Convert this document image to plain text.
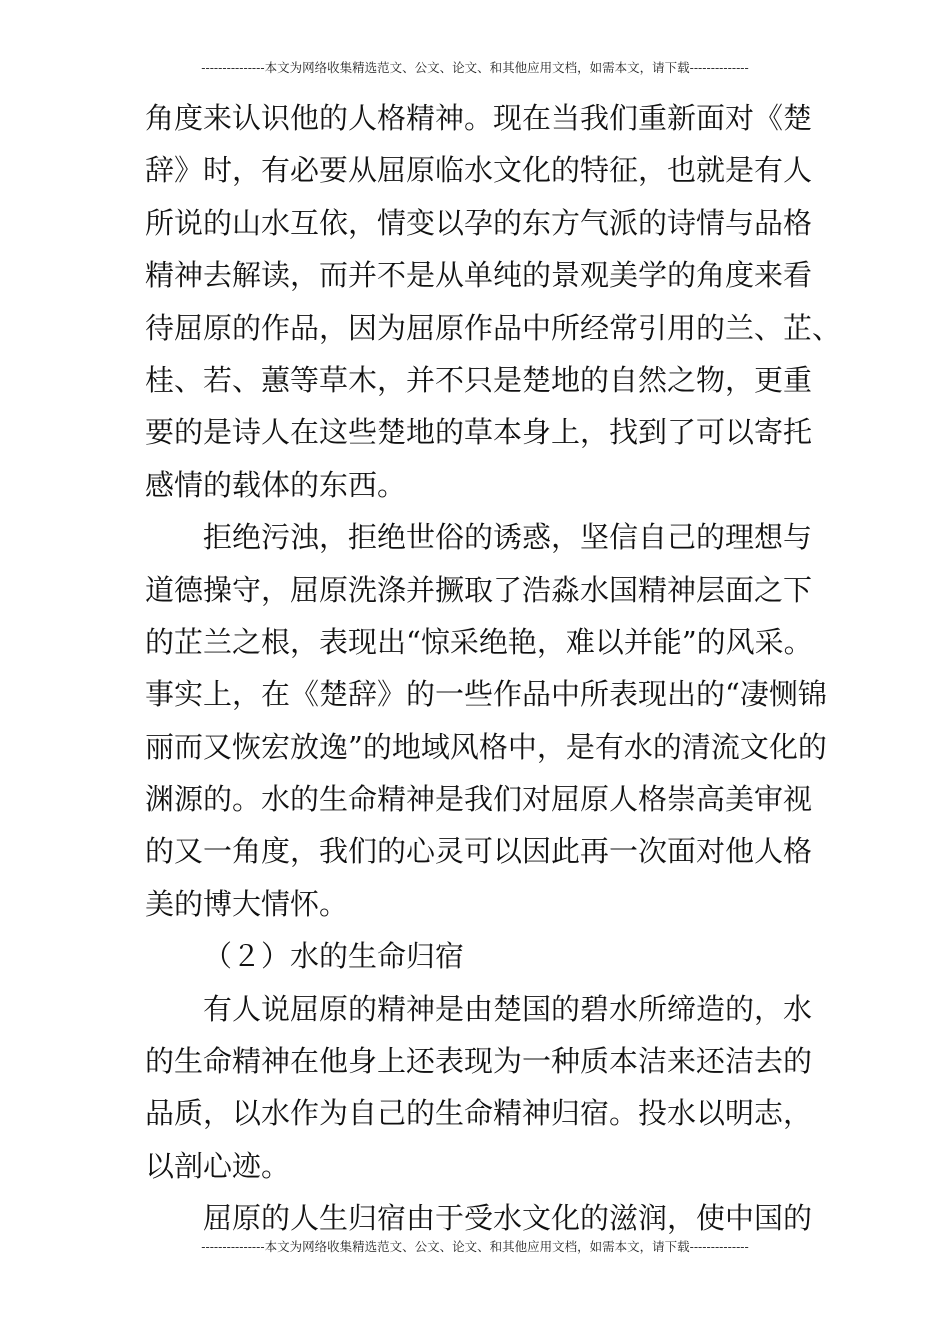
---------------本文为网络收集精选范文、公文、论文、和其他应用文档，如需本文，请下载--------------
角度来认识他的人格精神。现在当我们重新面对《楚
辞》时，有必要从屈原临水文化的特征，也就是有人
所说的山水互依，情变以孕的东方气派的诗情与品格
精神去解读，而并不是从单纯的景观美学的角度来看
待屈原的作品，因为屈原作品中所经常引用的兰、芷、
桂、若、蕙等草木，并不只是楚地的自然之物，更重
要的是诗人在这些楚地的草本身上，找到了可以寄托
感情的载体的东西。
拒绝污浊，拒绝世俗的诱惑，坚信自己的理想与
道德操守，屈原洗涤并撅取了浩淼水国精神层面之下
的芷兰之根，表现出“惊采绝艳，难以并能”的风采。
事实上，在《楚辞》的一些作品中所表现出的“凄恻锦
丽而又恢宏放逸”的地域风格中，是有水的清流文化的
渊源的。水的生命精神是我们对屈原人格崇高美审视
的又一角度，我们的心灵可以因此再一次面对他人格
美的博大情怀。
（２）水的生命归宿
有人说屈原的精神是由楚国的碧水所缔造的，水
的生命精神在他身上还表现为一种质本洁来还洁去的
品质，以水作为自己的生命精神归宿。投水以明志，
以剖心迹。
屈原的人生归宿由于受水文化的滋润，使中国的
---------------本文为网络收集精选范文、公文、论文、和其他应用文档，如需本文，请下载--------------
